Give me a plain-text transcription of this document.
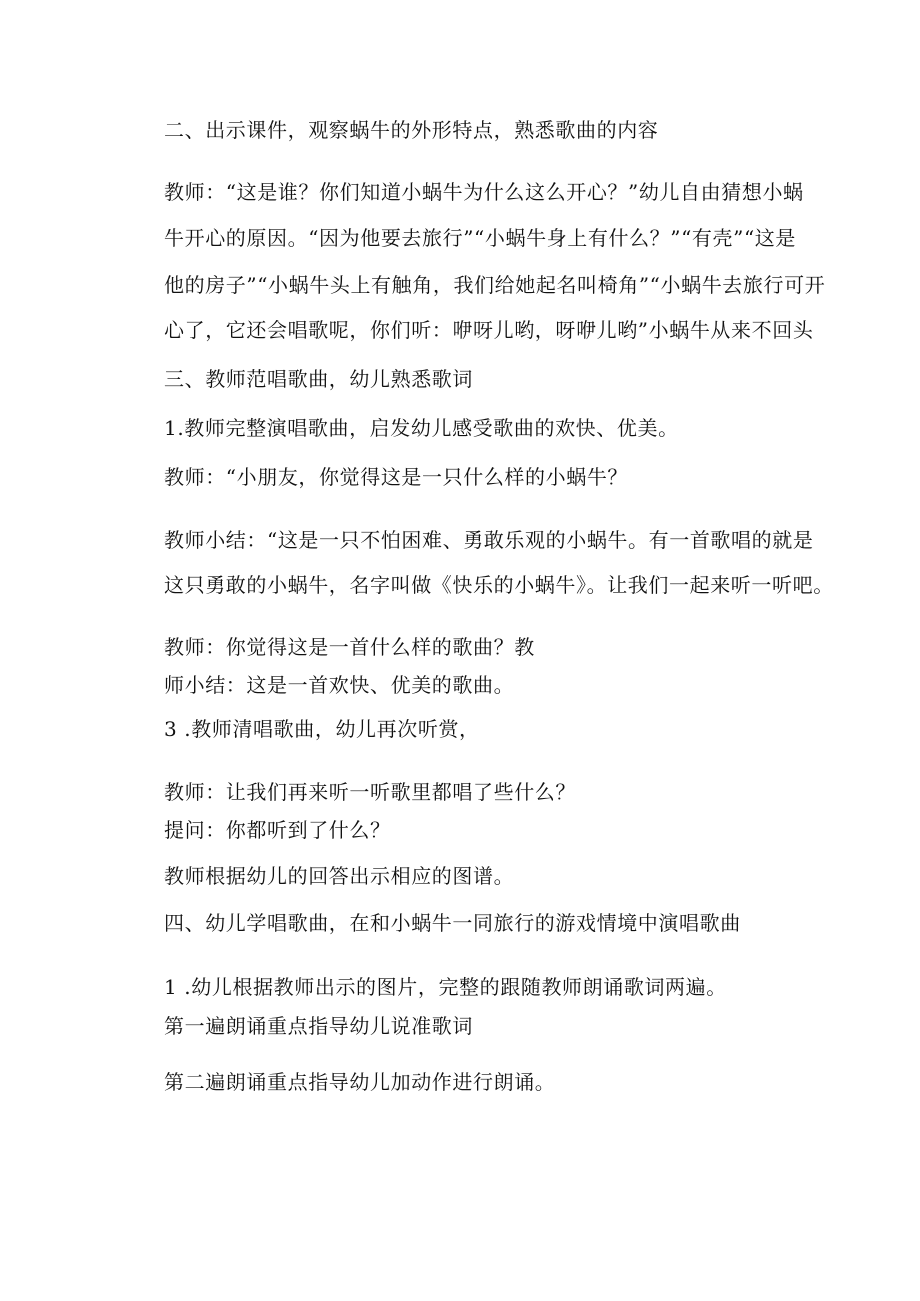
二、出示课件，观察蜗牛的外形特点，熟悉歌曲的内容
教师：“这是谁？你们知道小蜗牛为什么这么开心？”幼儿自由猜想小蜗
牛开心的原因。“因为他要去旅行”“小蜗牛身上有什么？”“有壳”“这是
他的房子”“小蜗牛头上有触角，我们给她起名叫椅角”“小蜗牛去旅行可开
心了，它还会唱歌呢，你们听：咿呀儿哟，呀咿儿哟”小蜗牛从来不回头
三、教师范唱歌曲，幼儿熟悉歌词
1.教师完整演唱歌曲，启发幼儿感受歌曲的欢快、优美。
教师：“小朋友，你觉得这是一只什么样的小蜗牛？
教师小结：“这是一只不怕困难、勇敢乐观的小蜗牛。有一首歌唱的就是
这只勇敢的小蜗牛，名字叫做《快乐的小蜗牛》。让我们一起来听一听吧。
教师：你觉得这是一首什么样的歌曲？教
师小结：这是一首欢快、优美的歌曲。
3 .教师清唱歌曲，幼儿再次听赏，
教师：让我们再来听一听歌里都唱了些什么？
提问：你都听到了什么？
教师根据幼儿的回答出示相应的图谱。
四、幼儿学唱歌曲，在和小蜗牛一同旅行的游戏情境中演唱歌曲
1 .幼儿根据教师出示的图片，完整的跟随教师朗诵歌词两遍。
第一遍朗诵重点指导幼儿说准歌词
第二遍朗诵重点指导幼儿加动作进行朗诵。
